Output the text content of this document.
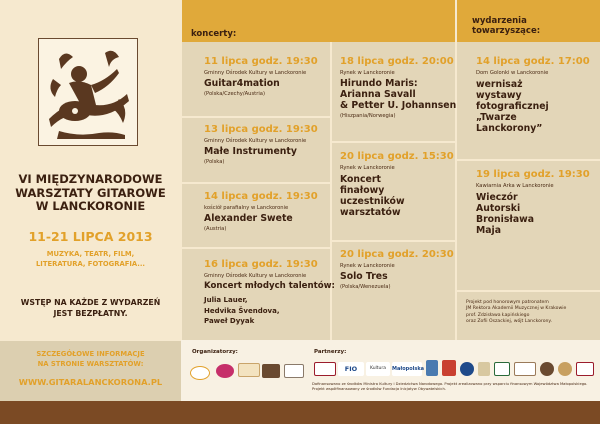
VI MIĘDZYNARODOWE
WARSZTATY GITAROWE
W LANCKORONIE
11-21 LIPCA 2013
MUZYKA, TEATR, FILM,
LITERATURA, FOTOGRAFIA...
WSTĘP NA KAŻDE Z WYDARZEŃ
JEST BEZPŁATNY.
SZCZEGÓŁOWE INFORMACJE
NA STRONIE WARSZTATÓW:
WWW.GITARALANCKORONA.PL
koncerty:
wydarzenia
towarzyszące:
11 lipca godz. 19:30
Gminny Ośrodek Kultury w Lanckoronie
Guitar4mation
(Polska/Czechy/Austria)
13 lipca godz. 19:30
Gminny Ośrodek Kultury w Lanckoronie
Małe Instrumenty
(Polska)
14 lipca godz. 19:30
kościół parafialny w Lanckoronie
Alexander Swete
(Austria)
16 lipca godz. 19:30
Gminny Ośrodek Kultury w Lanckoronie
Koncert młodych talentów:
Julia Lauer,
Hedvika Švendova,
Paweł Dyyak
18 lipca godz. 20:00
Rynek w Lanckoronie
Hirundo Maris:
Arianna Savall
& Petter U. Johannsen
(Hiszpania/Norwegia)
20 lipca godz. 15:30
Rynek w Lanckoronie
Koncert
finałowy
uczestników
warsztatów
20 lipca godz. 20:30
Rynek w Lanckoronie
Solo Tres
(Polska/Wenezuela)
14 lipca godz. 17:00
Dom Golonki w Lanckoronie
wernisaż
wystawy
fotograficznej
„Twarze
Lanckorony”
19 lipca godz. 19:30
Kawiarnia Arka w Lanckoronie
Wieczór
Autorski
Bronisława
Maja
Projekt pod honorowym patronatem
JM Rektora Akademii Muzycznej w Krakowie
prof. Zdzisława Łapińskiego
oraz Zofii Oszackiej, wójt Lanckorony.
Organizatorzy:	Partnerzy:
FIO	Kultura	Małopolska
Dofinansowano ze środków Ministra Kultury i Dziedzictwa Narodowego. Projekt zrealizowano przy wsparciu finansowym Województwa Małopolskiego.
Projekt współfinansowany ze środków Fundacja Inicjatyw Obywatelskich.
